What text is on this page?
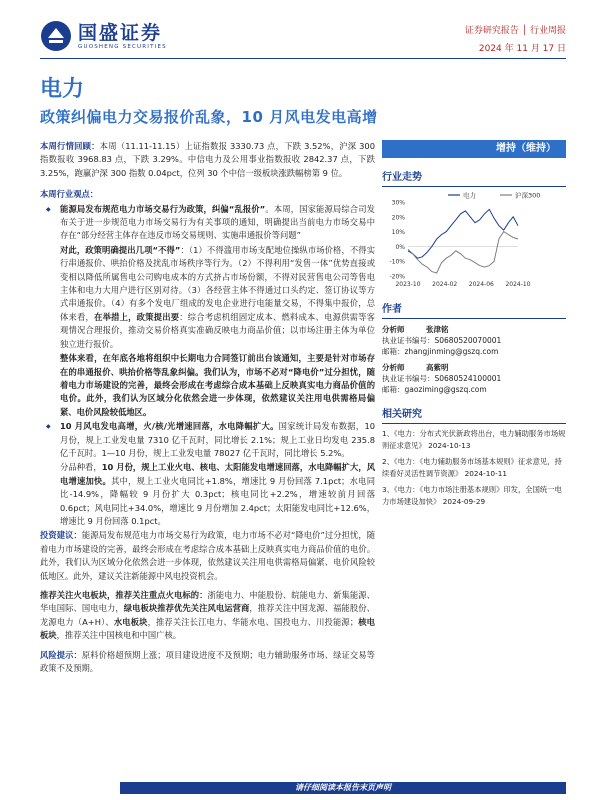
国盛证券
GUOSHENG SECURITIES
证券研究报告 │ 行业周报
2024 年 11 月 17 日
电力
政策纠偏电力交易报价乱象，10 月风电发电高增

本周行情回顾：本周（11.11-11.15）上证指数报 3330.73 点，下跌 3.52%，沪深 300 指数报收 3968.83 点，下跌 3.29%。中信电力及公用事业指数报收 2842.37 点，下跌 3.25%，跑赢沪深 300 指数 0.04pct，位列 30 个中信一级板块涨跌幅榜第 9 位。

本周行业观点：

◆ 能源局发布规范电力市场交易行为政策，纠偏“乱报价”。本周，国家能源局综合司发布关于进一步规范电力市场交易行为有关事项的通知，明确提出当前电力市场交易中存在“部分经营主体存在违反市场交易规则、实施串通报价等问题”

对此，政策明确提出几项“不得”：（1）不得滥用市场支配地位操纵市场价格，不得实行串通报价、哄抬价格及扰乱市场秩序等行为。（2）不得利用“发售一体”优势直接或变相以降低所属售电公司购电成本的方式挤占市场份额，不得对民营售电公司等售电主体和电力大用户进行区别对待。（3）各经营主体不得通过口头约定、签订协议等方式串通报价。（4）有多个发电厂组成的发电企业进行电能量交易，不得集中报价，总体来看，在举措上，政策提出要：综合考虑机组固定成本、燃料成本、电源供需等客观情况合理报价，推动交易价格真实准确反映电力商品价值；以市场注册主体为单位独立进行报价。

整体来看，在年底各地将组织中长期电力合同签订前出台该通知，主要是针对市场存在的串通报价、哄抬价格等乱象纠偏。我们认为，市场不必对“降电价”过分担忧，随着电力市场建设的完善，最终会形成在考虑综合成本基础上反映真实电力商品价值的电价。此外，我们认为区域分化依然会进一步体现，依然建议关注用电供需格局偏紧、电价风险较低地区。

◆ 10 月风电发电高增，火/核/光增速回落，水电降幅扩大。国家统计局发布数据，10 月份，规上工业发电量 7310 亿千瓦时，同比增长 2.1%；规上工业日均发电 235.8 亿千瓦时。1—10 月份，规上工业发电量 78027 亿千瓦时，同比增长 5.2%。

分品种看，10 月份，规上工业火电、核电、太阳能发电增速回落，水电降幅扩大，风电增速加快。其中，规上工业火电同比+1.8%，增速比 9 月份回落 7.1pct；水电同比-14.9%，降幅较 9 月份扩大 0.3pct；核电同比+2.2%，增速较前月回落 0.6pct；风电同比+34.0%，增速比 9 月份增加 2.4pct；太阳能发电同比+12.6%，增速比 9 月份回落 0.1pct。

投资建议：能源局发布规范电力市场交易行为政策，电力市场不必对“降电价”过分担忧，随着电力市场建设的完善，最终会形成在考虑综合成本基础上反映真实电力商品价值的电价。此外，我们认为区域分化依然会进一步体现，依然建议关注用电供需格局偏紧、电价风险较低地区。此外，建议关注新能源中风电投资机会。

推荐关注火电板块，推荐关注重点火电标的：浙能电力、申能股份、皖能电力、新集能源、华电国际、国电电力，绿电板块推荐优先关注风电运营商，推荐关注中国龙源、福能股份、龙源电力（A+H）、水电板块，推荐关注长江电力、华能水电、国投电力、川投能源；核电板块，推荐关注中国核电和中国广核。

风险提示：原料价格超预期上涨；项目建设进度不及预期；电力辅助服务市场、绿证交易等政策不及预期。

增持（维持）
行业走势
-20%
-10%
0%
10%
20%
30%
2023-10 2024-02 2024-06 2024-10
电力	沪深300
作者
分析师	张津铭
执业证书编号：S0680520070001
邮箱：zhangjinming@gszq.com
分析师	高紫明
执业证书编号：S0680524100001
邮箱：gaoziming@gszq.com
相关研究
1、《电力：分布式光伏新政将出台，电力辅助服务市场规则征求意见》 2024-10-13
2、《电力：《电力辅助服务市场基本规则》征求意见，持续看好灵活性调节资源》 2024-10-11
3、《电力：《电力市场注册基本规则》印发，全国统一电力市场建设加快》 2024-09-29
请仔细阅读本报告末页声明
